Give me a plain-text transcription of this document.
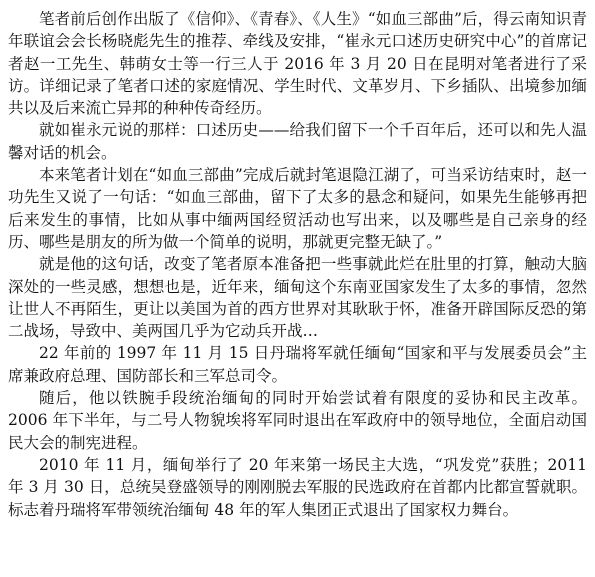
笔者前后创作出版了《信仰》、《青春》、《人生》“如血三部曲”后，得云南知识青年联谊会会长杨晓彪先生的推荐、牵线及安排，“崔永元口述历史研究中心”的首席记者赵一工先生、韩萌女士等一行三人于 2016 年 3 月 20 日在昆明对笔者进行了采访。详细记录了笔者口述的家庭情况、学生时代、文革岁月、下乡插队、出境参加缅共以及后来流亡异邦的种种传奇经历。

就如崔永元说的那样：口述历史——给我们留下一个千百年后，还可以和先人温馨对话的机会。

本来笔者计划在“如血三部曲”完成后就封笔退隐江湖了，可当采访结束时，赵一功先生又说了一句话：“如血三部曲，留下了太多的悬念和疑问，如果先生能够再把后来发生的事情，比如从事中缅两国经贸活动也写出来，以及哪些是自己亲身的经历、哪些是朋友的所为做一个简单的说明，那就更完整无缺了。”

就是他的这句话，改变了笔者原本准备把一些事就此烂在肚里的打算，触动大脑深处的一些灵感，想想也是，近年来，缅甸这个东南亚国家发生了太多的事情，忽然让世人不再陌生，更让以美国为首的西方世界对其耿耿于怀，准备开辟国际反恐的第二战场，导致中、美两国几乎为它动兵开战…

22 年前的 1997 年 11 月 15 日丹瑞将军就任缅甸“国家和平与发展委员会”主席兼政府总理、国防部长和三军总司令。

随后，他以铁腕手段统治缅甸的同时开始尝试着有限度的妥协和民主改革。2006 年下半年，与二号人物貌埃将军同时退出在军政府中的领导地位，全面启动国民大会的制宪进程。

2010 年 11 月，缅甸举行了 20 年来第一场民主大选，“巩发党”获胜；2011 年 3 月 30 日，总统吴登盛领导的刚刚脱去军服的民选政府在首都内比都宣誓就职。标志着丹瑞将军带领统治缅甸 48 年的军人集团正式退出了国家权力舞台。
